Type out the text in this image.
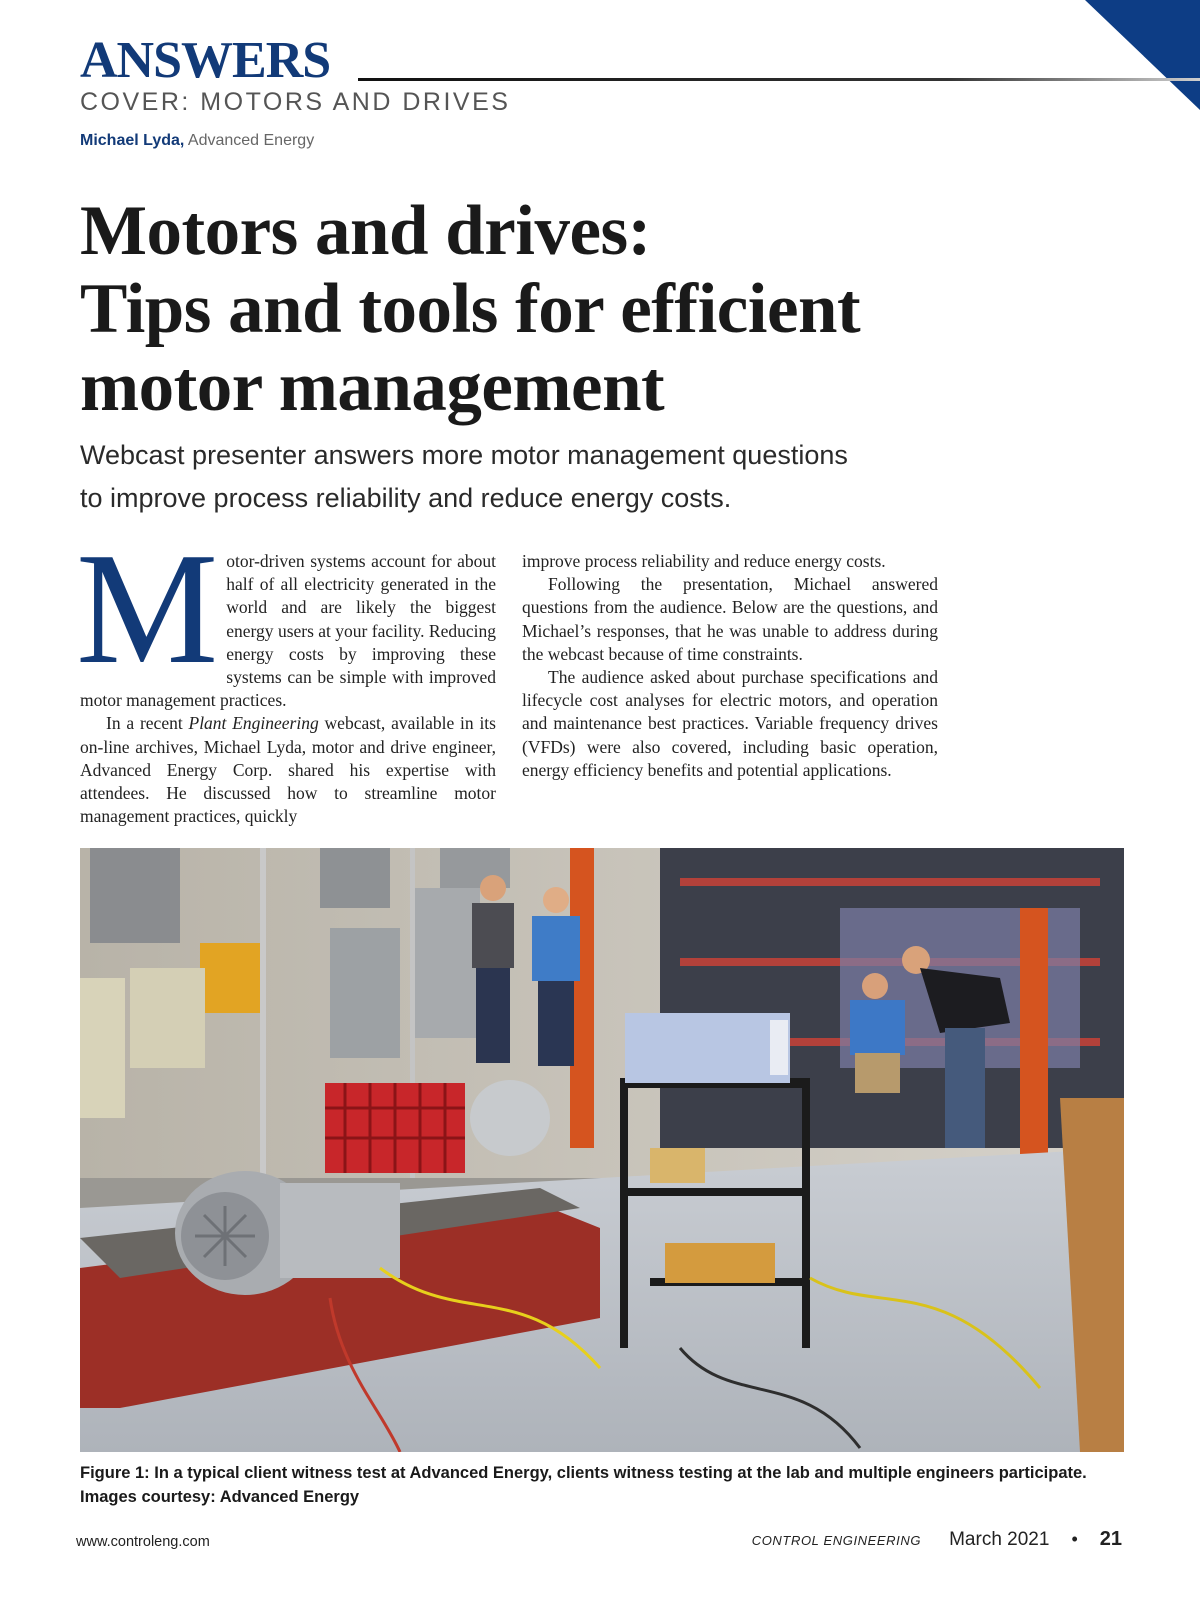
ANSWERS
COVER: MOTORS AND DRIVES
Michael Lyda, Advanced Energy
Motors and drives:
Tips and tools for efficient
motor management
Webcast presenter answers more motor management questions
to improve process reliability and reduce energy costs.

Motor-driven systems account for about half of all electricity generated in the world and are likely the biggest energy users at your facility. Reducing energy costs by improving these systems can be simple with improved motor management practices.

In a recent Plant Engineering webcast, available in its on-line archives, Michael Lyda, motor and drive engineer, Advanced Energy Corp. shared his expertise with attendees. He discussed how to streamline motor management practices, quickly

improve process reliability and reduce energy costs.

Following the presentation, Michael answered questions from the audience. Below are the questions, and Michael’s responses, that he was unable to address during the webcast because of time constraints.

The audience asked about purchase specifications and lifecycle cost analyses for electric motors, and operation and maintenance best practices. Variable frequency drives (VFDs) were also covered, including basic operation, energy efficiency benefits and potential applications.

Figure 1: In a typical client witness test at Advanced Energy, clients witness testing at the lab and multiple engineers participate. Images courtesy: Advanced Energy
www.controleng.com	CONTROL ENGINEERING March 2021 • 21
